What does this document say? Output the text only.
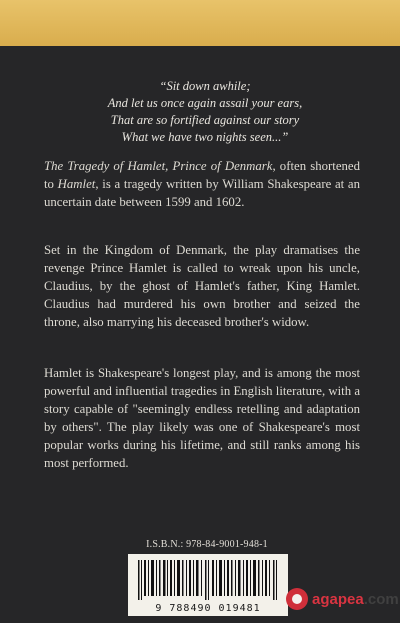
“Sit down awhile;
And let us once again assail your ears,
That are so fortified against our story
What we have two nights seen...”
The Tragedy of Hamlet, Prince of Denmark, often shortened to Hamlet, is a tragedy written by William Shakespeare at an uncertain date between 1599 and 1602.
Set in the Kingdom of Denmark, the play dramatises the revenge Prince Hamlet is called to wreak upon his uncle, Claudius, by the ghost of Hamlet's father, King Hamlet. Claudius had murdered his own brother and seized the throne, also marrying his deceased brother's widow.
Hamlet is Shakespeare's longest play, and is among the most powerful and influential tragedies in English literature, with a story capable of "seemingly endless retelling and adaptation by others". The play likely was one of Shakespeare's most popular works during his lifetime, and still ranks among his most performed.
I.S.B.N.: 978-84-9001-948-1
9 788490 019481
agapea.com
